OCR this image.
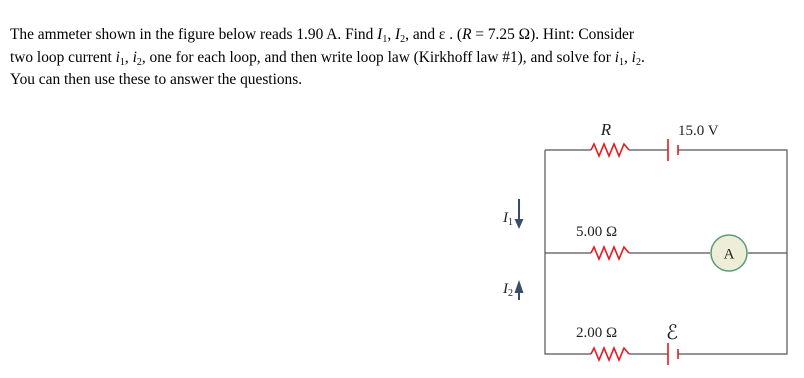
The ammeter shown in the figure below reads 1.90 A. Find $I_1$, $I_2$, and ε . (R = 7.25 Ω). Hint: Consider
two loop current $i_1$, $i_2$, one for each loop, and then write loop law (Kirkhoff law #1), and solve for $i_1$, $i_2$.
You can then use these to answer the questions.
A
R	15.0 V
5.00 Ω
2.00 Ω ℰ
$I_1$
$I_2$
